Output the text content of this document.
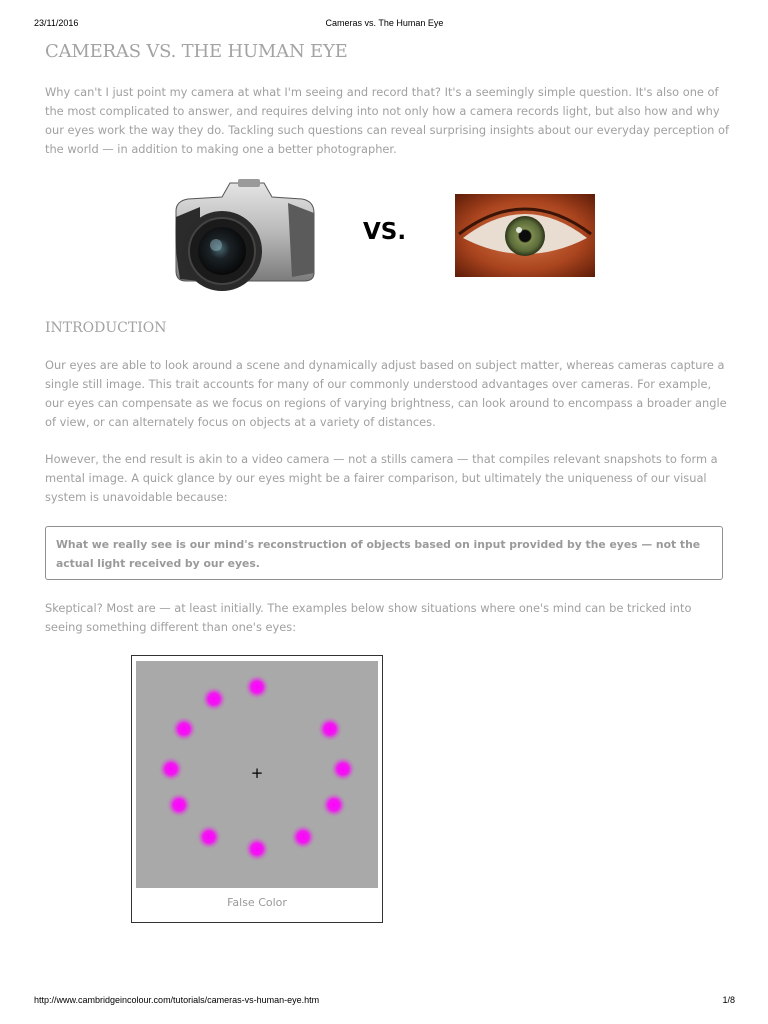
23/11/2016	Cameras vs. The Human Eye
CAMERAS VS. THE HUMAN EYE

Why can't I just point my camera at what I'm seeing and record that? It's a seemingly simple question. It's also one of the most complicated to answer, and requires delving into not only how a camera records light, but also how and why our eyes work the way they do. Tackling such questions can reveal surprising insights about our everyday perception of the world — in addition to making one a better photographer.

VS.
INTRODUCTION

Our eyes are able to look around a scene and dynamically adjust based on subject matter, whereas cameras capture a single still image. This trait accounts for many of our commonly understood advantages over cameras. For example, our eyes can compensate as we focus on regions of varying brightness, can look around to encompass a broader angle of view, or can alternately focus on objects at a variety of distances.

However, the end result is akin to a video camera — not a stills camera — that compiles relevant snapshots to form a mental image. A quick glance by our eyes might be a fairer comparison, but ultimately the uniqueness of our visual system is unavoidable because:

What we really see is our mind's reconstruction of objects based on input provided by the eyes — not the actual light received by our eyes.

Skeptical? Most are — at least initially. The examples below show situations where one's mind can be tricked into seeing something different than one's eyes:

+
False Color
http://www.cambridgeincolour.com/tutorials/cameras-vs-human-eye.htm	1/8
